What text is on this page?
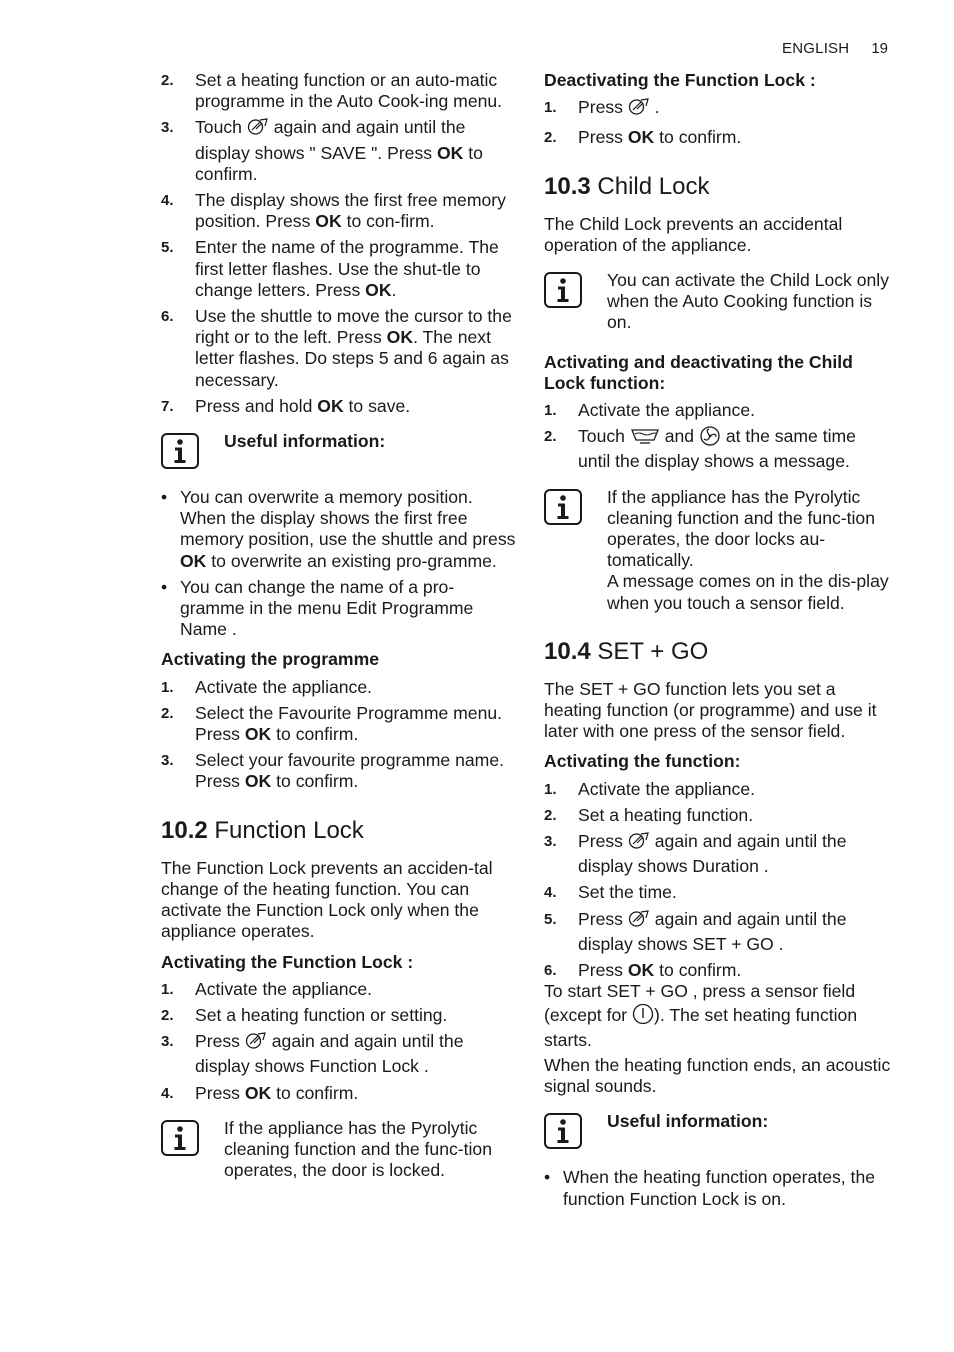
ENGLISH 19
2. Set a heating function or an auto-matic programme in the Auto Cook-ing menu.
3. Touch again and again until the display shows " SAVE ". Press OK to confirm.
4. The display shows the first free memory position. Press OK to con-firm.
5. Enter the name of the programme. The first letter flashes. Use the shut-tle to change letters. Press OK.
6. Use the shuttle to move the cursor to the right or to the left. Press OK. The next letter flashes. Do steps 5 and 6 again as necessary.
7. Press and hold OK to save.
Useful information:
• You can overwrite a memory position. When the display shows the first free memory position, use the shuttle and press OK to overwrite an existing pro-gramme.
• You can change the name of a pro-gramme in the menu Edit Programme Name .
Activating the programme
1. Activate the appliance.
2. Select the Favourite Programme menu. Press OK to confirm.
3. Select your favourite programme name. Press OK to confirm.
10.2 Function Lock

The Function Lock prevents an acciden-tal change of the heating function. You can activate the Function Lock only when the appliance operates.

Activating the Function Lock :
1. Activate the appliance.
2. Set a heating function or setting.
3. Press again and again until the display shows Function Lock .
4. Press OK to confirm.
If the appliance has the Pyrolytic cleaning function and the func-tion operates, the door is locked.
Deactivating the Function Lock :
1. Press .
2. Press OK to confirm.
10.3 Child Lock

The Child Lock prevents an accidental operation of the appliance.

You can activate the Child Lock only when the Auto Cooking function is on.
Activating and deactivating the Child Lock function:
1. Activate the appliance.
2. Touch and at the same time until the display shows a message.
If the appliance has the Pyrolytic cleaning function and the func-tion operates, the door locks au-tomatically.
A message comes on in the dis-play when you touch a sensor field.
10.4 SET + GO

The SET + GO function lets you set a heating function (or programme) and use it later with one press of the sensor field.

Activating the function:
1. Activate the appliance.
2. Set a heating function.
3. Press again and again until the display shows Duration .
4. Set the time.
5. Press again and again until the display shows SET + GO .
6. Press OK to confirm.

To start SET + GO , press a sensor field (except for ). The set heating function starts.

When the heating function ends, an acoustic signal sounds.

Useful information:
• When the heating function operates, the function Function Lock is on.
